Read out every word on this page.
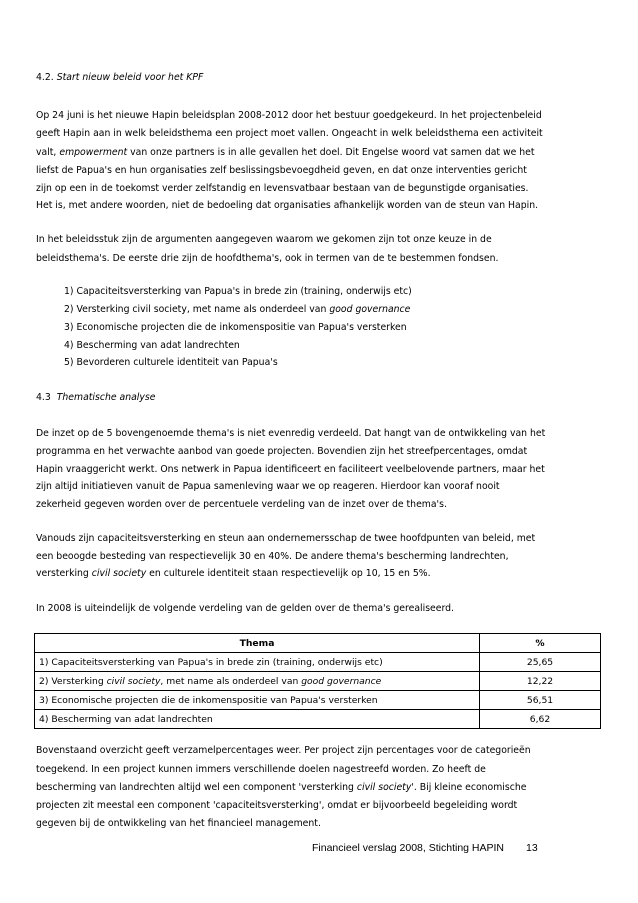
4.2. Start nieuw beleid voor het KPF
Op 24 juni is het nieuwe Hapin beleidsplan 2008-2012 door het bestuur goedgekeurd. In het projectenbeleid
geeft Hapin aan in welk beleidsthema een project moet vallen. Ongeacht in welk beleidsthema een activiteit
valt, empowerment van onze partners is in alle gevallen het doel. Dit Engelse woord vat samen dat we het
liefst de Papua's en hun organisaties zelf beslissingsbevoegdheid geven, en dat onze interventies gericht
zijn op een in de toekomst verder zelfstandig en levensvatbaar bestaan van de begunstigde organisaties.
Het is, met andere woorden, niet de bedoeling dat organisaties afhankelijk worden van de steun van Hapin.
In het beleidsstuk zijn de argumenten aangegeven waarom we gekomen zijn tot onze keuze in de
beleidsthema's. De eerste drie zijn de hoofdthema's, ook in termen van de te bestemmen fondsen.
1) Capaciteitsversterking van Papua's in brede zin (training, onderwijs etc)
2) Versterking civil society, met name als onderdeel van good governance
3) Economische projecten die de inkomenspositie van Papua's versterken
4) Bescherming van adat landrechten
5) Bevorderen culturele identiteit van Papua's
4.3 Thematische analyse
De inzet op de 5 bovengenoemde thema's is niet evenredig verdeeld. Dat hangt van de ontwikkeling van het
programma en het verwachte aanbod van goede projecten. Bovendien zijn het streefpercentages, omdat
Hapin vraaggericht werkt. Ons netwerk in Papua identificeert en faciliteert veelbelovende partners, maar het
zijn altijd initiatieven vanuit de Papua samenleving waar we op reageren. Hierdoor kan vooraf nooit
zekerheid gegeven worden over de percentuele verdeling van de inzet over de thema's.
Vanouds zijn capaciteitsversterking en steun aan ondernemersschap de twee hoofdpunten van beleid, met
een beoogde besteding van respectievelijk 30 en 40%. De andere thema's bescherming landrechten,
versterking civil society en culturele identiteit staan respectievelijk op 10, 15 en 5%.
In 2008 is uiteindelijk de volgende verdeling van de gelden over de thema's gerealiseerd.
Thema	%
1) Capaciteitsversterking van Papua's in brede zin (training, onderwijs etc)	25,65
2) Versterking civil society, met name als onderdeel van good governance	12,22
3) Economische projecten die de inkomenspositie van Papua's versterken	56,51
4) Bescherming van adat landrechten	6,62
Bovenstaand overzicht geeft verzamelpercentages weer. Per project zijn percentages voor de categorieën
toegekend. In een project kunnen immers verschillende doelen nagestreefd worden. Zo heeft de
bescherming van landrechten altijd wel een component 'versterking civil society'. Bij kleine economische
projecten zit meestal een component 'capaciteitsversterking', omdat er bijvoorbeeld begeleiding wordt
gegeven bij de ontwikkeling van het financieel management.
Financieel verslag 2008, Stichting HAPIN 13
